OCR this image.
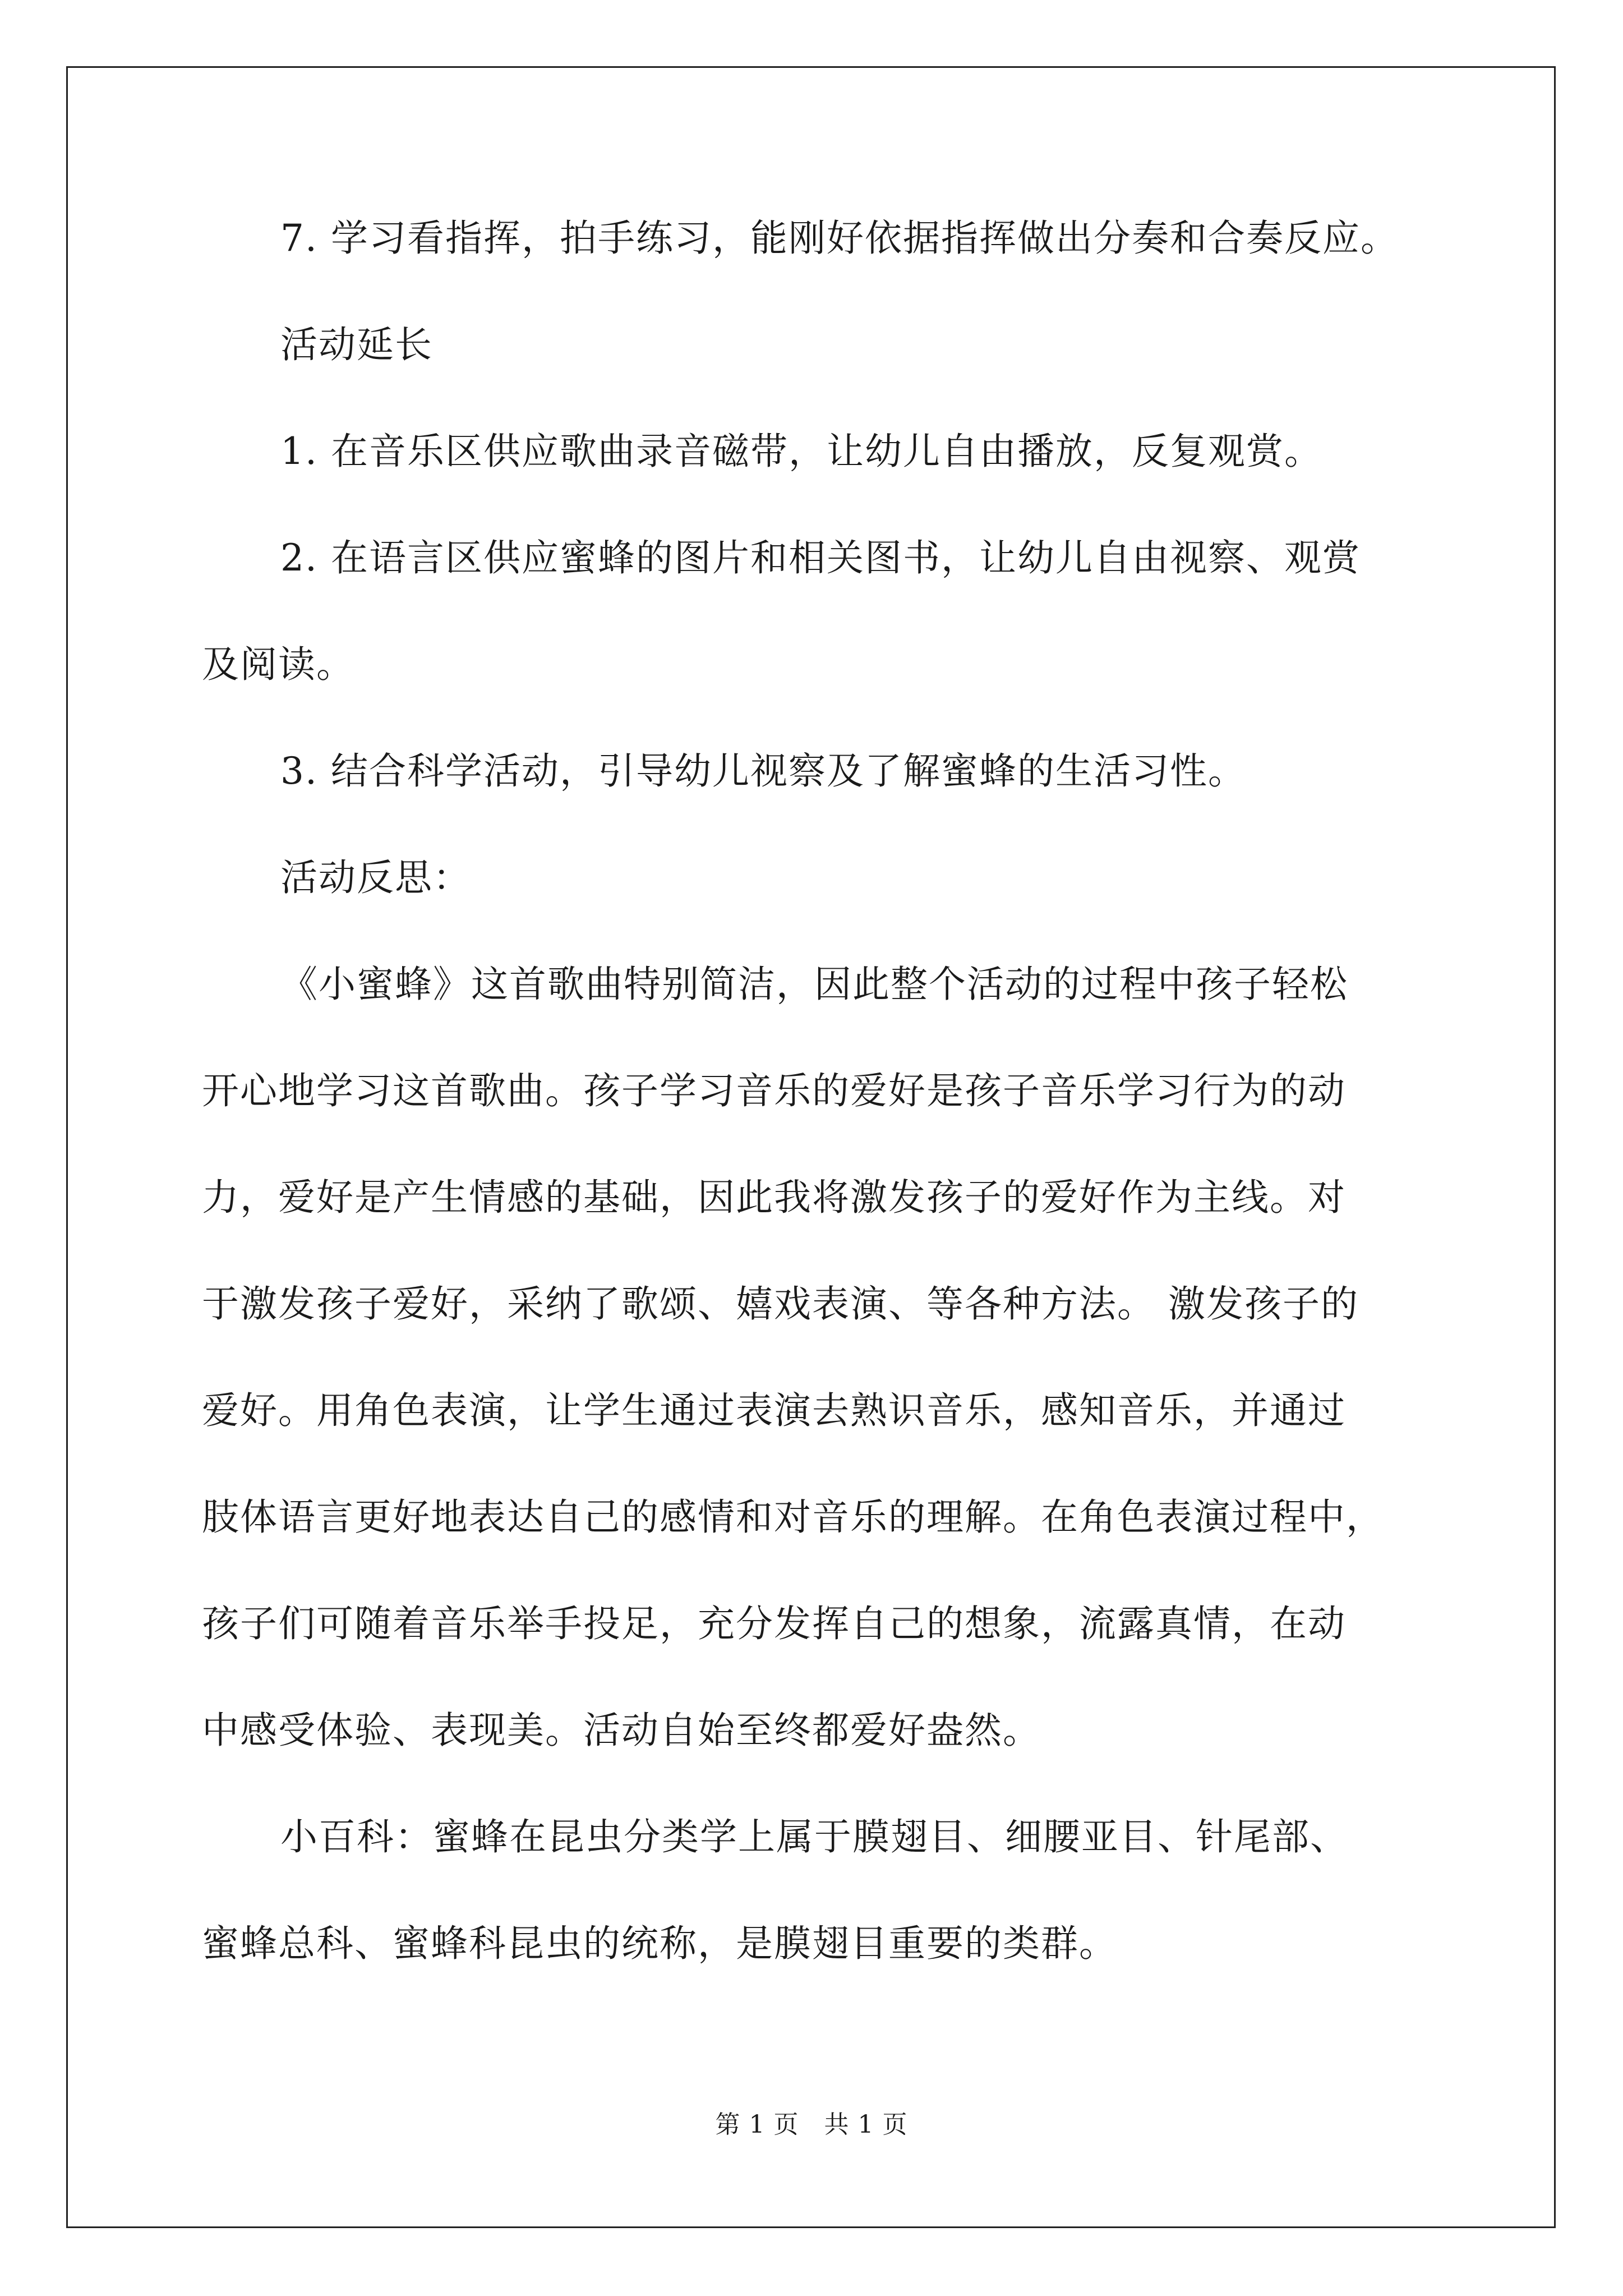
7. 学习看指挥，拍手练习，能刚好依据指挥做出分奏和合奏反应。
活动延长
1. 在音乐区供应歌曲录音磁带，让幼儿自由播放，反复观赏。
2. 在语言区供应蜜蜂的图片和相关图书，让幼儿自由视察、观赏
及阅读。
3. 结合科学活动，引导幼儿视察及了解蜜蜂的生活习性。
活动反思：
《小蜜蜂》这首歌曲特别简洁，因此整个活动的过程中孩子轻松
开心地学习这首歌曲。孩子学习音乐的爱好是孩子音乐学习行为的动
力，爱好是产生情感的基础，因此我将激发孩子的爱好作为主线。对
于激发孩子爱好，采纳了歌颂、嬉戏表演、等各种方法。 激发孩子的
爱好。用角色表演，让学生通过表演去熟识音乐，感知音乐，并通过
肢体语言更好地表达自己的感情和对音乐的理解。在角色表演过程中，
孩子们可随着音乐举手投足，充分发挥自己的想象，流露真情，在动
中感受体验、表现美。活动自始至终都爱好盎然。
小百科：蜜蜂在昆虫分类学上属于膜翅目、细腰亚目、针尾部、
蜜蜂总科、蜜蜂科昆虫的统称，是膜翅目重要的类群。
第 1 页　共 1 页
